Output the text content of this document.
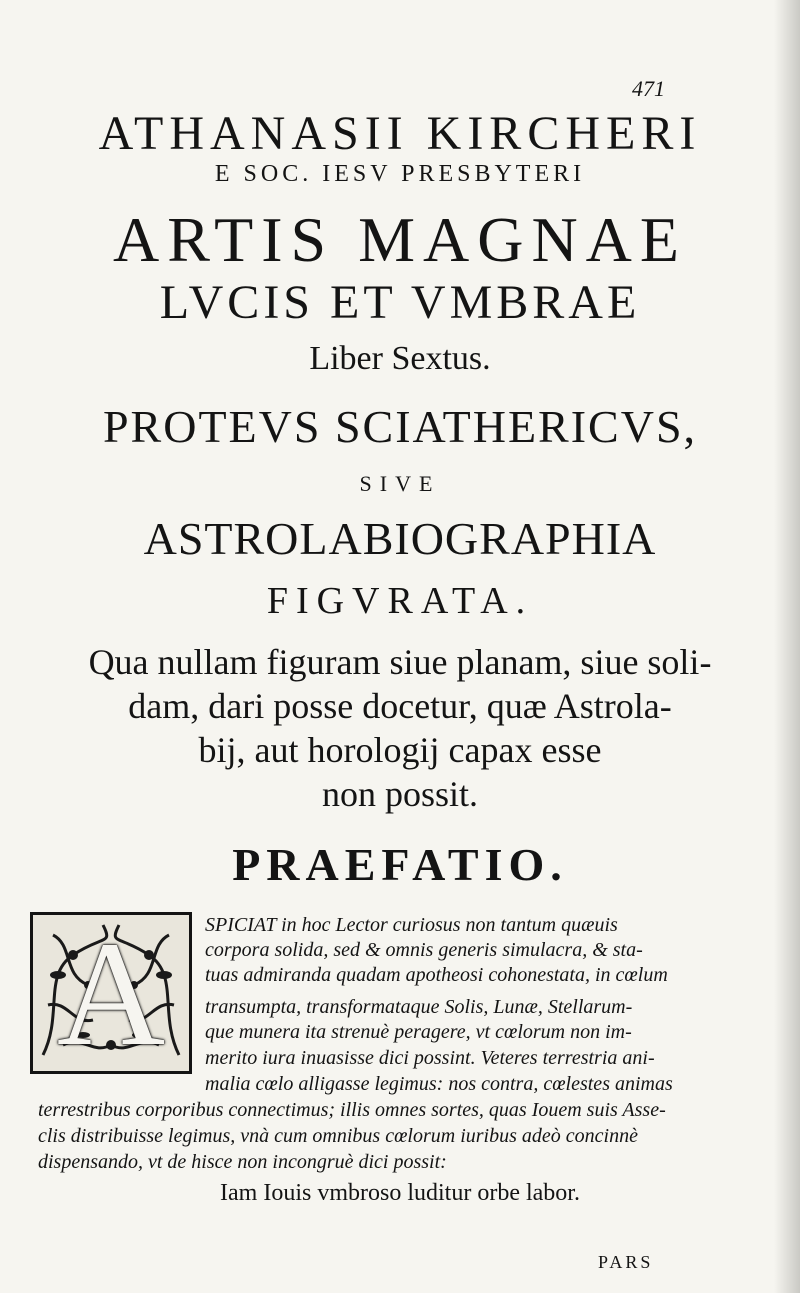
471
ATHANASII KIRCHERI
E SOC. IESV PRESBYTERI
ARTIS MAGNAE
LVCIS ET VMBRAE
Liber Sextus.
PROTEVS SCIATHERICVS,
SIVE
ASTROLABIOGRAPHIA
FIGVRATA.
Qua nullam figuram siue planam, siue soli-
dam, dari posse docetur, quæ Astrola-
bij, aut horologij capax esse
non possit.
PRAEFATIO.
A	SPICIAT in hoc Lector curiosus non tantum quæuis
corpora solida, sed & omnis generis simulacra, & sta-
tuas admiranda quadam apotheosi cohonestata, in cœlum
transumpta, transformataque Solis, Lunæ, Stellarum-
que munera ita strenuè peragere, vt cœlorum non im-
merito iura inuasisse dici possint. Veteres terrestria ani-
malia cœlo alligasse legimus: nos contra, cœlestes animas
terrestribus corporibus connectimus; illis omnes sortes, quas Iouem suis Asse-
clis distribuisse legimus, vnà cum omnibus cœlorum iuribus adeò concinnè
dispensando, vt de hisce non incongruè dici possit:
Iam Iouis vmbroso luditur orbe labor.
PARS
